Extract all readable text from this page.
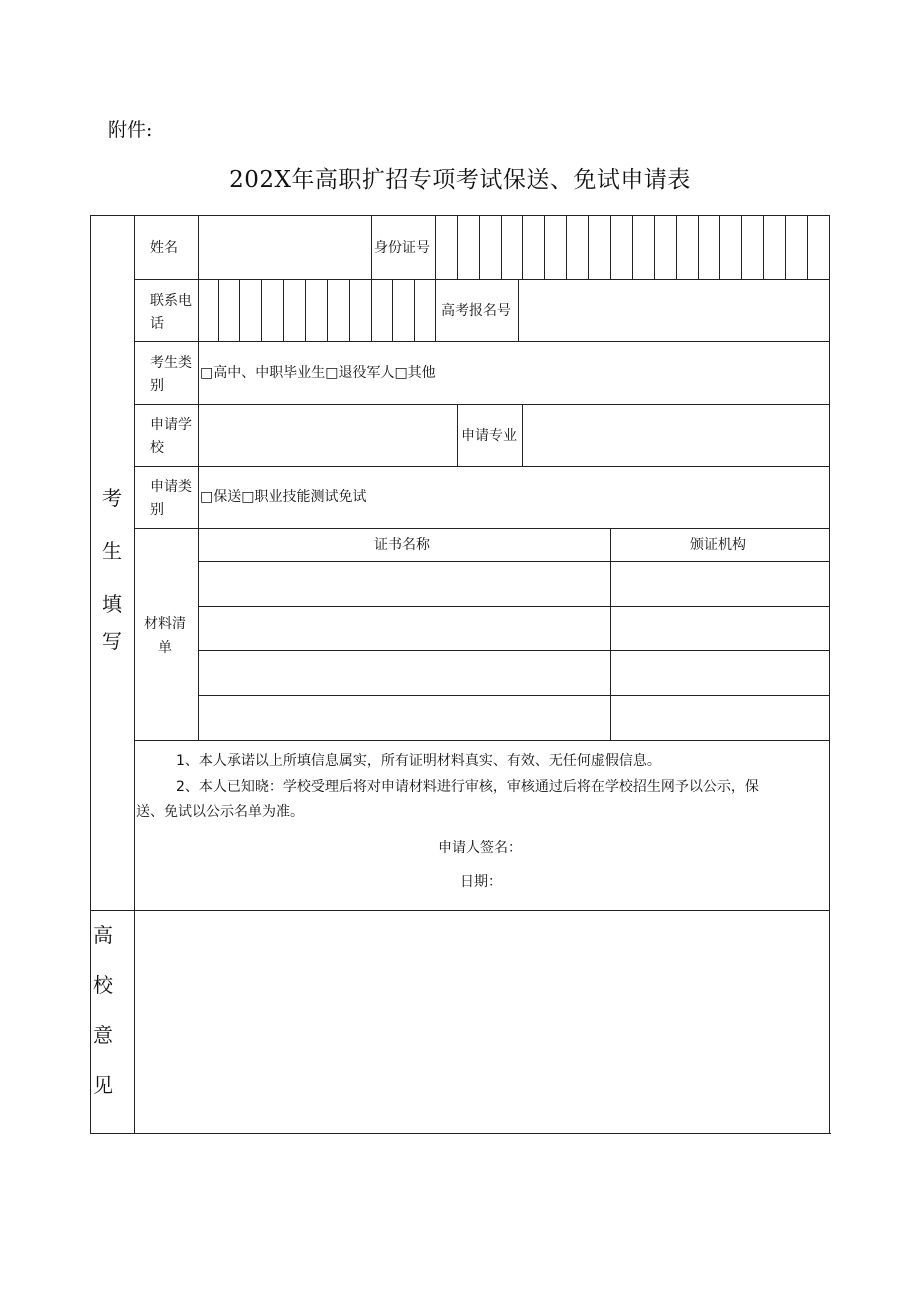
附件:
202X年高职扩招专项考试保送、免试申请表
考
生
填
写
高
校
意
见
姓名	身份证号
联系电
话
高考报名号
考生类
别
□高中、中职毕业生□退役军人□其他
申请学
校
申请专业
申请类
别
□保送□职业技能测试免试
材料清
单
证书名称	颁证机构
1、本人承诺以上所填信息属实，所有证明材料真实、有效、无任何虚假信息。
2、本人已知晓：学校受理后将对申请材料进行审核，审核通过后将在学校招生网予以公示，保
送、免试以公示名单为准。
申请人签名：
日期：
